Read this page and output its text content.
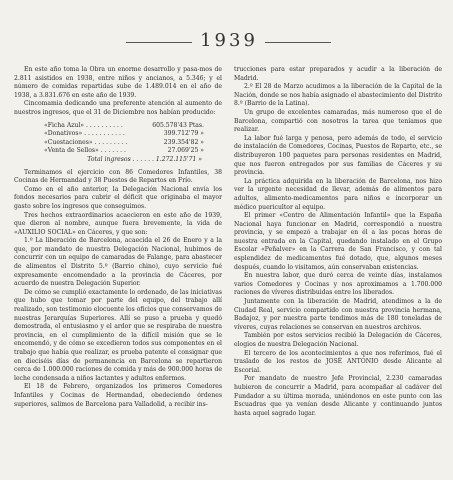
1939

En este año toma la Obra un enorme desarrollo y pasa-mos de 2.811 asistidos en 1938, entre niños y ancianos, a 5.346; y el número de comidas repartidas sube de 1.489.014 en el año de 1938, a 3.831.676 en este año de 1939.

Cincomamia dedicando una preferente atención al aumento de nuestros ingresos, que el 31 de Diciembre nos habían producido:

«Ficha Azul» . . . . . . . . . .	605.578'43 Ptas.
«Donativos» . . . . . . . . . . .	399.712'79 »
«Cuestaciones» . . . . . . . . .	239.354'82 »
«Venta de Sellos» . . . . . . .	27.069'25 »
Total ingresos . . . . . . 1.272.115'71 »

Terminamos el ejercicio con 86 Comedores Infantiles, 38 Cocinas de Hermandad y 38 Puestos de Repartos en Frío.

Como en el año anterior, la Delegación Nacional envía los fondos necesarios para cubrir el déficit que originaba el mayor gasto sobre los ingresos que conseguimos.

Tres hechos extraordinarios acaecieron en este año de 1939, que dieron al nombre, aunque fuera brevemente, la vida de «AUXILIO SOCIAL» en Cáceres, y que son:

1.º La liberación de Barcelona, acaecida el 26 de Enero y a la que, por mandato de nuestra Delegación Nacional, hubimos de concurrir con un equipo de camaradas de Falange, para abastecer de alimentos el Distrito 5.º (Barrio chino), cuyo servicio fué expresamente encomendado a la provincia de Cáceres, por acuerdo de nuestra Delegación Superior.

De cómo se cumplió exactamente lo ordenado, de las iniciativas que hubo que tomar por parte del equipo, del trabajo allí realizado, son testimonio elocuente los oficios que conservamos de nuestras Jerarquías Superiores. Allí se puso a prueba y quedó demostrada, el entusiasmo y el ardor que se respiraba de nuestra provincia, en el cumplimiento de la difícil misión que se le encomendó, y de cómo se excedieron todos sus componentes en el trabajo que había que realizar, es prueba patente el consignar que en dieciséis días de permanencia en Barcelona se repartieron cerca de 1.000.000 raciones de comida y más de 900.000 horas de leche condensada a niños lactantes y adultos enfermos.

El 18 de Febrero, organizados los primeros Comedores Infantiles y Cocinas de Hermandad, obedeciendo órdenes superiores, salimos de Barcelona para Valladolid, a recibir ins-

trucciones para estar preparados y acudir a la liberación de Madrid.

2.º El 28 de Marzo acudimos a la liberación de la Capital de la Nación, donde se nos había asignado el abastecimiento del Distrito 8.º (Barrio de la Latina).

Un grupo de excelentes camaradas, más numeroso que el de Barcelona, compartió con nosotros la tarea que teníamos que realizar.

La labor fué larga y penosa, pero además de todo, el servicio de instalación de Comedores, Cocinas, Puestos de Reparto, etc., se distribuyeron 100 paquetes para personas residentes en Madrid, que nos fueron entregados por sus familias de Cáceres y su provincia.

La práctica adquirida en la liberación de Barcelona, nos hizo ver la urgente necesidad de llevar, además de alimentos para adultos, alimento-medicamentos para niños e incorporar un médico puericultor al equipo.

El primer «Centro de Alimentación Infantil» que la España Nacional haya funcionar en Madrid, correspondió a nuestra provincia, y se empezó a trabajar en él a las pocas horas de nuestra entrada en la Capital, quedando instalado en el Grupo Escolar «Peñalver» en la Carrera de San Francisco, y con tal esplendidez de medicamentos fué dotado, que, algunos meses después, cuando lo visitamos, aún conservaban existencias.

En nuestra labor, que duró cerca de veinte días, instalamos varios Comedores y Cocinas y nos aproximamos a 1.700.000 raciones de víveres distribuidas entre los liberados.

Juntamente con la liberación de Madrid, atendimos a la de Ciudad Real, servicio compartido con nuestra provincia hermana, Badajoz, y por nuestra parte tendimos más de 180 toneladas de víveres, cuyas relaciones se conservan en nuestros archivos.

También por estos servicios recibió la Delegación de Cáceres, elogios de nuestra Delegación Nacional.

El tercero de los acontecimientos a que nos referimos, fué el traslado de los restos de JOSÉ ANTONIO desde Alicante al Escorial.

Por mandato de nuestro Jefe Provincial, 2.230 camaradas hubieron de concurrir a Madrid, para acompañar al cadáver del Fundador a su última morada, uniéndonos en este punto con las Escuadras que ya venían desde Alicante y continuando juntos hasta aquel sagrado lugar.
